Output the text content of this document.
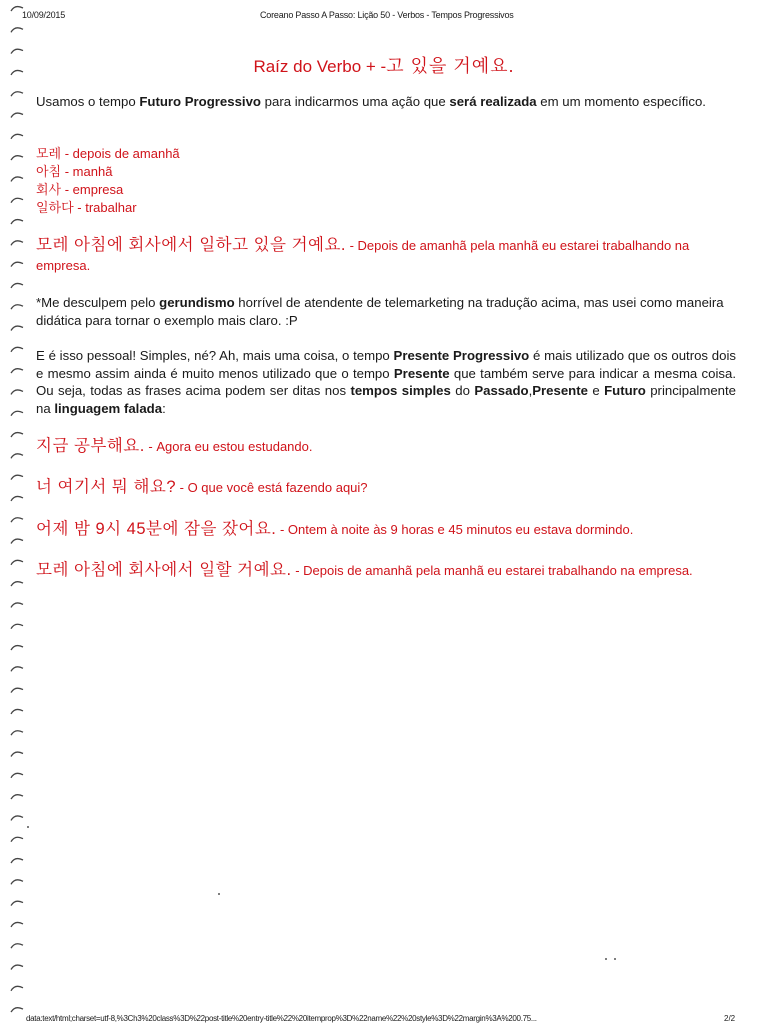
10/09/2015	Coreano Passo A Passo: Lição 50 - Verbos - Tempos Progressivos
Raíz do Verbo + -고 있을 거예요.
Usamos o tempo Futuro Progressivo para indicarmos uma ação que será realizada em um momento específico.
모레 - depois de amanhã
아침 - manhã
회사 - empresa
일하다 - trabalhar
모레 아침에 회사에서 일하고 있을 거예요. - Depois de amanhã pela manhã eu estarei trabalhando na empresa.
*Me desculpem pelo gerundismo horrível de atendente de telemarketing na tradução acima, mas usei como maneira didática para tornar o exemplo mais claro. :P
E é isso pessoal! Simples, né? Ah, mais uma coisa, o tempo Presente Progressivo é mais utilizado que os outros dois e mesmo assim ainda é muito menos utilizado que o tempo Presente que também serve para indicar a mesma coisa. Ou seja, todas as frases acima podem ser ditas nos tempos simples do Passado,Presente e Futuro principalmente na linguagem falada:
지금 공부해요. - Agora eu estou estudando.
너 여기서 뭐 해요? - O que você está fazendo aqui?
어제 밤 9시 45분에 잠을 잤어요. - Ontem à noite às 9 horas e 45 minutos eu estava dormindo.
모레 아침에 회사에서 일할 거예요. - Depois de amanhã pela manhã eu estarei trabalhando na empresa.
data:text/html;charset=utf-8,%3Ch3%20class%3D%22post-title%20entry-title%22%20itemprop%3D%22name%22%20style%3D%22margin%3A%200.75...	2/2
